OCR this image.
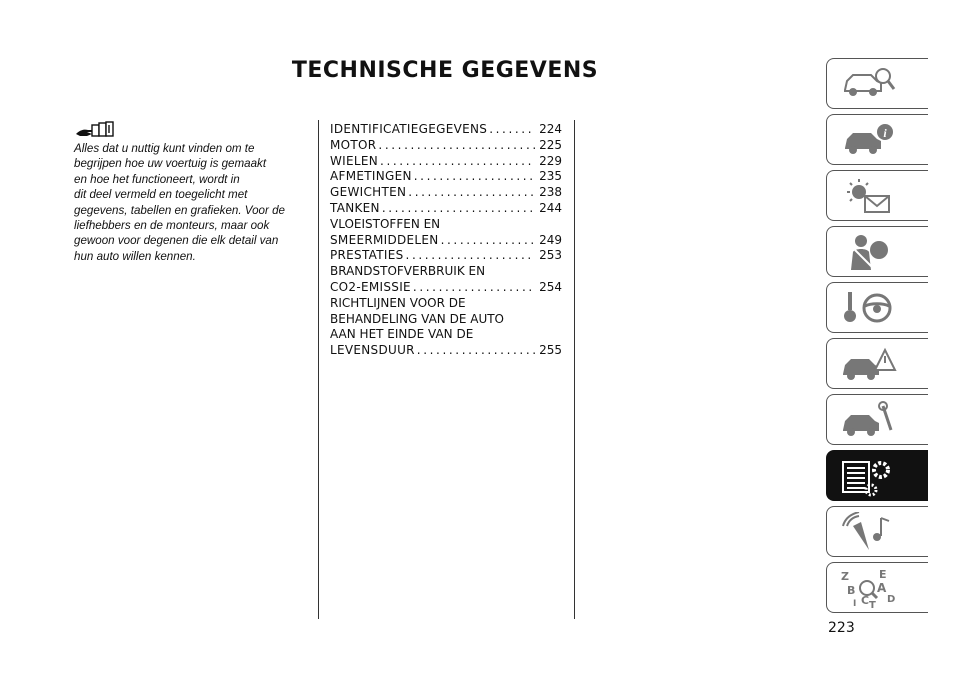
TECHNISCHE GEGEVENS
Alles dat u nuttig kunt vinden om te
begrijpen hoe uw voertuig is gemaakt
en hoe het functioneert, wordt in
dit deel vermeld en toegelicht met
gegevens, tabellen en grafieken. Voor de
liefhebbers en de monteurs, maar ook
gewoon voor degenen die elk detail van
hun auto willen kennen.
IDENTIFICATIEGEGEVENS .....	224
MOTOR .....	225
WIELEN .....	229
AFMETINGEN .....	235
GEWICHTEN .....	238
TANKEN .....	244
VLOEISTOFFEN EN
SMEERMIDDELEN .....	249
PRESTATIES .....	253
BRANDSTOFVERBRUIK EN
CO2-EMISSIE .....	254
RICHTLIJNEN VOOR DE
BEHANDELING VAN DE AUTO
AAN HET EINDE VAN DE
LEVENSDUUR .....	255
i
Z	E
B A
D
I C T
223
